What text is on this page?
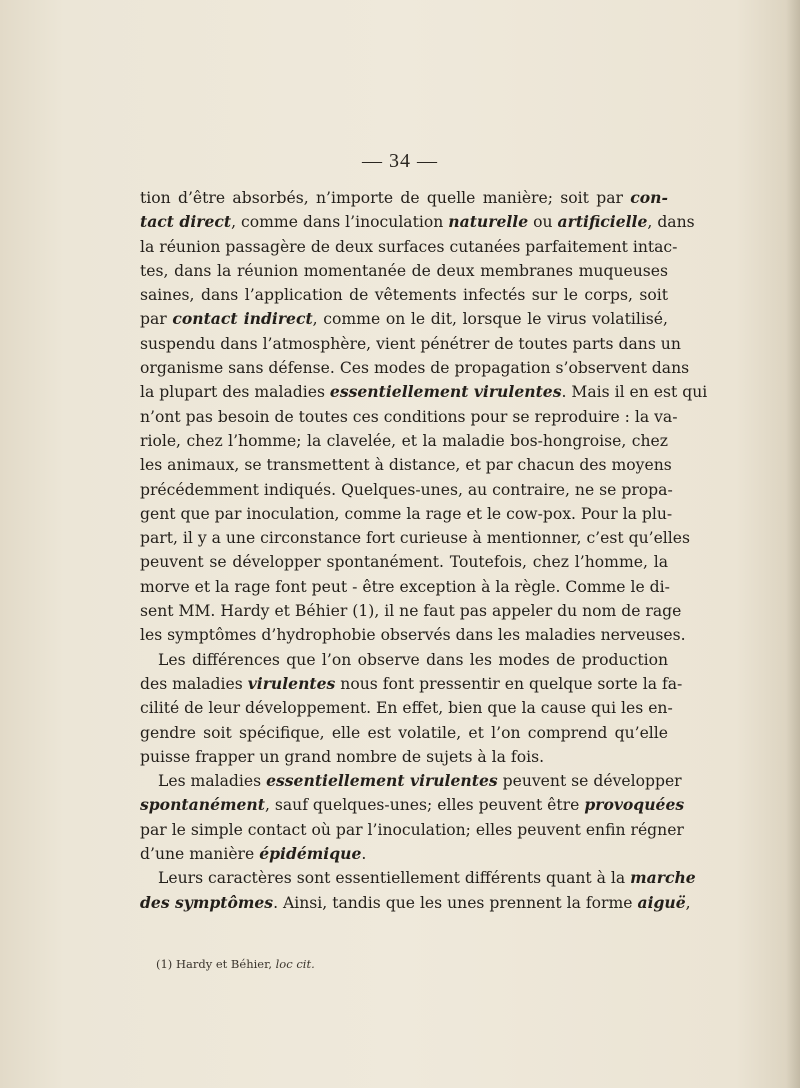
— 34 —
tion d’être absorbés, n’importe de quelle manière; soit par con-
tact direct, comme dans l’inoculation naturelle ou artificielle, dans
la réunion passagère de deux surfaces cutanées parfaitement intac-
tes, dans la réunion momentanée de deux membranes muqueuses
saines, dans l’application de vêtements infectés sur le corps, soit
par contact indirect, comme on le dit, lorsque le virus volatilisé,
suspendu dans l’atmosphère, vient pénétrer de toutes parts dans un
organisme sans défense. Ces modes de propagation s’observent dans
la plupart des maladies essentiellement virulentes. Mais il en est qui
n’ont pas besoin de toutes ces conditions pour se reproduire : la va-
riole, chez l’homme; la clavelée, et la maladie bos-hongroise, chez
les animaux, se transmettent à distance, et par chacun des moyens
précédemment indiqués. Quelques-unes, au contraire, ne se propa-
gent que par inoculation, comme la rage et le cow-pox. Pour la plu-
part, il y a une circonstance fort curieuse à mentionner, c’est qu’elles
peuvent se développer spontanément. Toutefois, chez l’homme, la
morve et la rage font peut - être exception à la règle. Comme le di-
sent MM. Hardy et Béhier (1), il ne faut pas appeler du nom de rage
les symptômes d’hydrophobie observés dans les maladies nerveuses.
Les différences que l’on observe dans les modes de production
des maladies virulentes nous font pressentir en quelque sorte la fa-
cilité de leur développement. En effet, bien que la cause qui les en-
gendre soit spécifique, elle est volatile, et l’on comprend qu’elle
puisse frapper un grand nombre de sujets à la fois.
Les maladies essentiellement virulentes peuvent se développer
spontanément, sauf quelques-unes; elles peuvent être provoquées
par le simple contact où par l’inoculation; elles peuvent enfin régner
d’une manière épidémique.
Leurs caractères sont essentiellement différents quant à la marche
des symptômes. Ainsi, tandis que les unes prennent la forme aiguë,
(1) Hardy et Béhier, loc cit.
